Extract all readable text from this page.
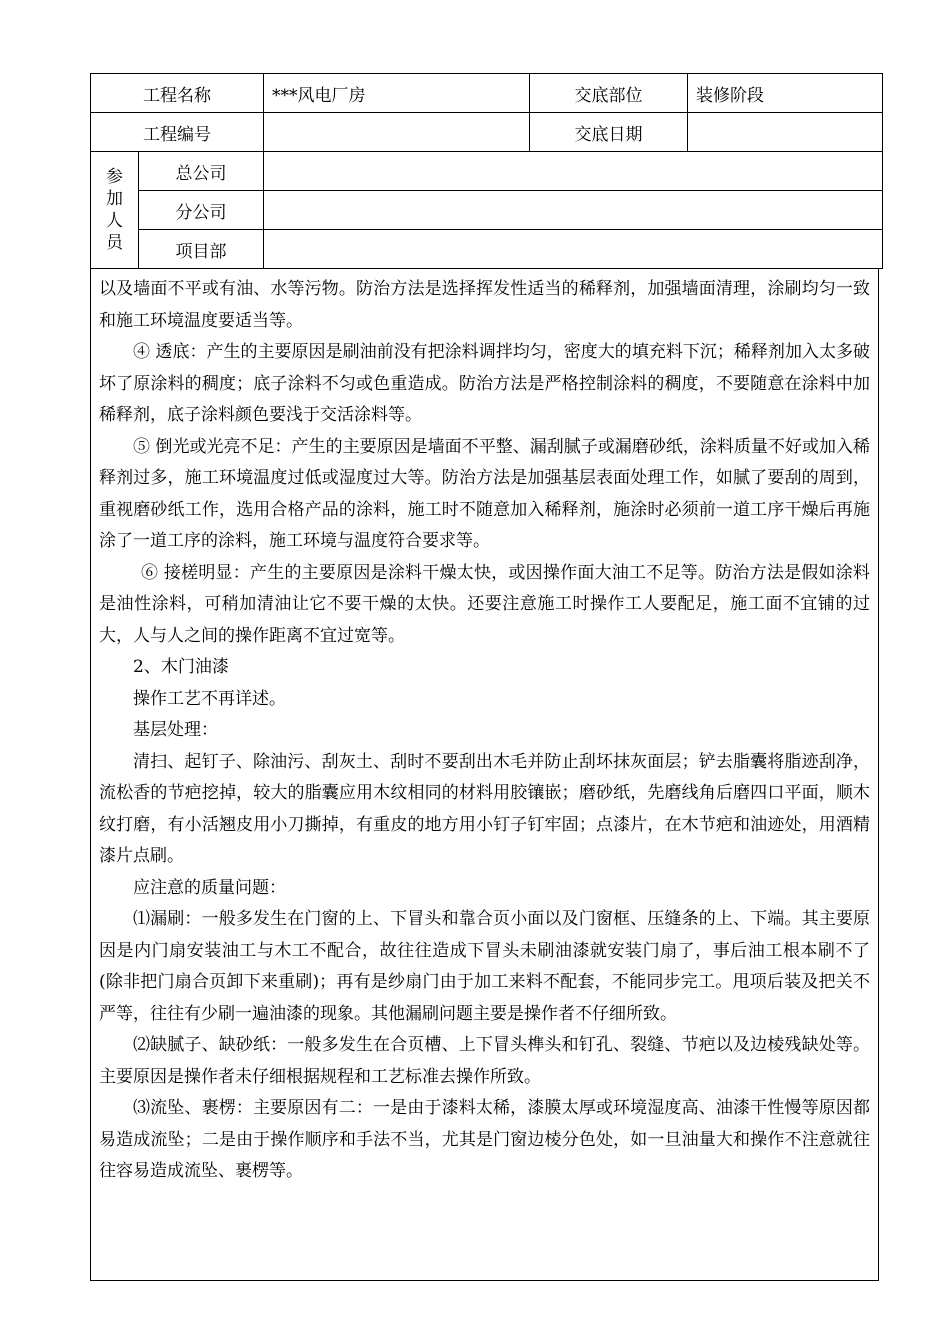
工程名称		***风电厂房	交底部位	装修阶段
工程编号			交底日期	

参
加
人
员	总公司			
	分公司			
	项目部			

以及墙面不平或有油、水等污物。防治方法是选择挥发性适当的稀释剂，加强墙面清理，涂刷均匀一致和施工环境温度要适当等。

④ 透底：产生的主要原因是刷油前没有把涂料调拌均匀，密度大的填充料下沉；稀释剂加入太多破坏了原涂料的稠度；底子涂料不匀或色重造成。防治方法是严格控制涂料的稠度，不要随意在涂料中加稀释剂，底子涂料颜色要浅于交活涂料等。

⑤ 倒光或光亮不足：产生的主要原因是墙面不平整、漏刮腻子或漏磨砂纸，涂料质量不好或加入稀释剂过多，施工环境温度过低或湿度过大等。防治方法是加强基层表面处理工作，如腻了要刮的周到，重视磨砂纸工作，选用合格产品的涂料，施工时不随意加入稀释剂，施涂时必须前一道工序干燥后再施涂了一道工序的涂料，施工环境与温度符合要求等。

⑥ 接槎明显：产生的主要原因是涂料干燥太快，或因操作面大油工不足等。防治方法是假如涂料是油性涂料，可稍加清油让它不要干燥的太快。还要注意施工时操作工人要配足，施工面不宜铺的过大，人与人之间的操作距离不宜过宽等。

2、木门油漆

操作工艺不再详述。

基层处理：

清扫、起钉子、除油污、刮灰土、刮时不要刮出木毛并防止刮坏抹灰面层；铲去脂囊将脂迹刮净，流松香的节疤挖掉，较大的脂囊应用木纹相同的材料用胶镶嵌；磨砂纸，先磨线角后磨四口平面，顺木纹打磨，有小活翘皮用小刀撕掉，有重皮的地方用小钉子钉牢固；点漆片，在木节疤和油迹处，用酒精漆片点刷。

应注意的质量问题：

⑴漏刷：一般多发生在门窗的上、下冒头和靠合页小面以及门窗框、压缝条的上、下端。其主要原因是内门扇安装油工与木工不配合，故往往造成下冒头未刷油漆就安装门扇了，事后油工根本刷不了(除非把门扇合页卸下来重刷)；再有是纱扇门由于加工来料不配套，不能同步完工。甩项后装及把关不严等，往往有少刷一遍油漆的现象。其他漏刷问题主要是操作者不仔细所致。

⑵缺腻子、缺砂纸：一般多发生在合页槽、上下冒头榫头和钉孔、裂缝、节疤以及边棱残缺处等。主要原因是操作者未仔细根据规程和工艺标准去操作所致。

⑶流坠、裹楞：主要原因有二：一是由于漆料太稀，漆膜太厚或环境湿度高、油漆干性慢等原因都易造成流坠；二是由于操作顺序和手法不当，尤其是门窗边棱分色处，如一旦油量大和操作不注意就往往容易造成流坠、裹楞等。
